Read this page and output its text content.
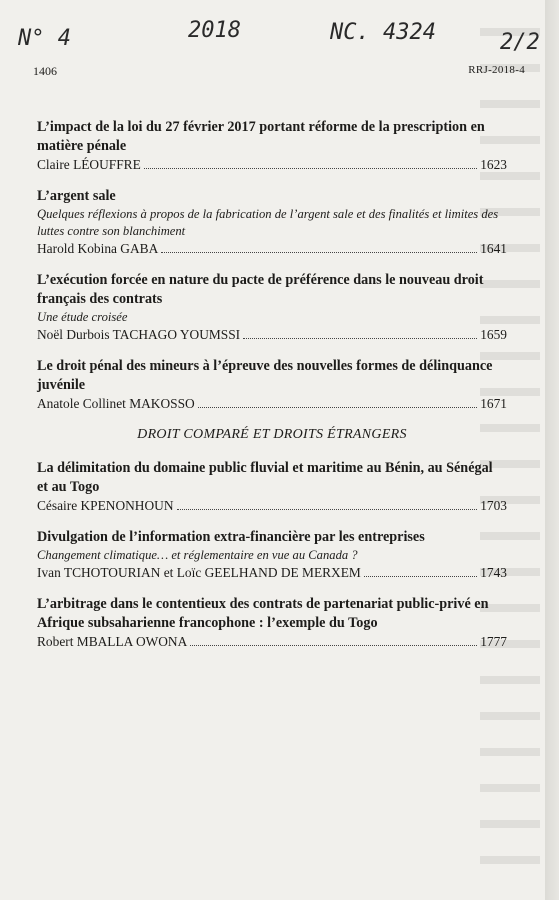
N° 4	2018	NC. 4324	2/2
1406	RRJ-2018-4
L’impact de la loi du 27 février 2017 portant réforme de la prescription en matière pénale
Claire LÉOUFFRE	1623
L’argent sale
Quelques réflexions à propos de la fabrication de l’argent sale et des finalités et limites des luttes contre son blanchiment
Harold Kobina GABA	1641
L’exécution forcée en nature du pacte de préférence dans le nouveau droit français des contrats
Une étude croisée
Noël Durbois TACHAGO YOUMSSI	1659
Le droit pénal des mineurs à l’épreuve des nouvelles formes de délinquance juvénile
Anatole Collinet MAKOSSO	1671
DROIT COMPARÉ ET DROITS ÉTRANGERS
La délimitation du domaine public fluvial et maritime au Bénin, au Sénégal et au Togo
Césaire KPENONHOUN	1703
Divulgation de l’information extra-financière par les entreprises
Changement climatique… et réglementaire en vue au Canada ?
Ivan TCHOTOURIAN et Loïc GEELHAND DE MERXEM	1743
L’arbitrage dans le contentieux des contrats de partenariat public-privé en Afrique subsaharienne francophone : l’exemple du Togo
Robert MBALLA OWONA	1777
